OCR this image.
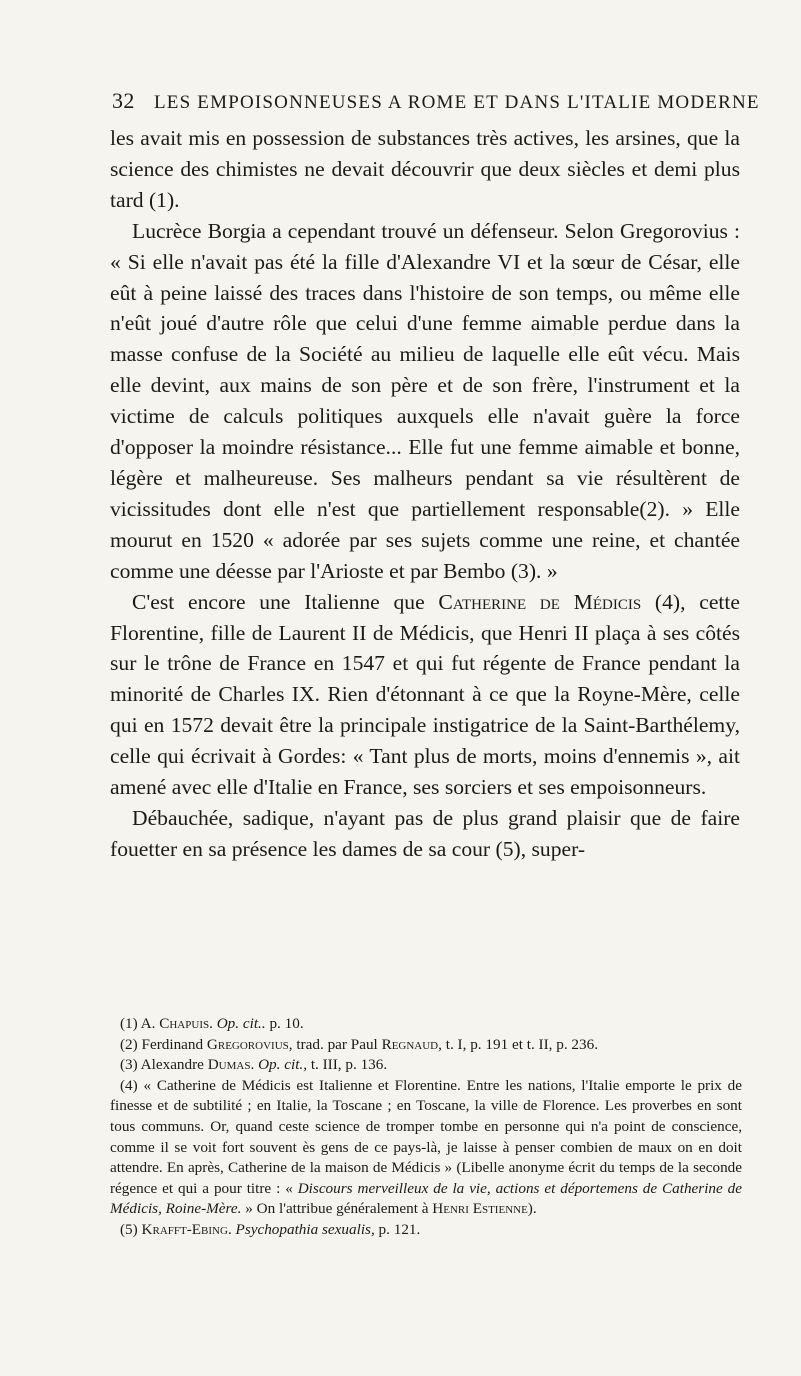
32 LES EMPOISONNEUSES A ROME ET DANS L'ITALIE MODERNE

les avait mis en possession de substances très actives, les arsines, que la science des chimistes ne devait découvrir que deux siècles et demi plus tard (1).

Lucrèce Borgia a cependant trouvé un défenseur. Selon Gregorovius : « Si elle n'avait pas été la fille d'Alexandre VI et la sœur de César, elle eût à peine laissé des traces dans l'histoire de son temps, ou même elle n'eût joué d'autre rôle que celui d'une femme aimable perdue dans la masse confuse de la Société au milieu de laquelle elle eût vécu. Mais elle devint, aux mains de son père et de son frère, l'instrument et la victime de calculs politiques auxquels elle n'avait guère la force d'opposer la moindre résistance... Elle fut une femme aimable et bonne, légère et malheureuse. Ses malheurs pendant sa vie résultèrent de vicissitudes dont elle n'est que partiellement responsable(2). » Elle mourut en 1520 « adorée par ses sujets comme une reine, et chantée comme une déesse par l'Arioste et par Bembo (3). »

C'est encore une Italienne que Catherine de Médicis (4), cette Florentine, fille de Laurent II de Médicis, que Henri II plaça à ses côtés sur le trône de France en 1547 et qui fut régente de France pendant la minorité de Charles IX. Rien d'étonnant à ce que la Royne-Mère, celle qui en 1572 devait être la principale instigatrice de la Saint-Barthélemy, celle qui écrivait à Gordes: « Tant plus de morts, moins d'ennemis », ait amené avec elle d'Italie en France, ses sorciers et ses empoisonneurs.

Débauchée, sadique, n'ayant pas de plus grand plaisir que de faire fouetter en sa présence les dames de sa cour (5), super-

(1) A. Chapuis. Op. cit.. p. 10.

(2) Ferdinand Gregorovius, trad. par Paul Regnaud, t. I, p. 191 et t. II, p. 236.

(3) Alexandre Dumas. Op. cit., t. III, p. 136.

(4) « Catherine de Médicis est Italienne et Florentine. Entre les nations, l'Italie emporte le prix de finesse et de subtilité ; en Italie, la Toscane ; en Toscane, la ville de Florence. Les proverbes en sont tous communs. Or, quand ceste science de tromper tombe en personne qui n'a point de conscience, comme il se voit fort souvent ès gens de ce pays-là, je laisse à penser combien de maux on en doit attendre. En après, Catherine de la maison de Médicis » (Libelle anonyme écrit du temps de la seconde régence et qui a pour titre : « Discours merveilleux de la vie, actions et déportemens de Catherine de Médicis, Roine-Mère. » On l'attribue généralement à Henri Estienne).

(5) Krafft-Ebing. Psychopathia sexualis, p. 121.
